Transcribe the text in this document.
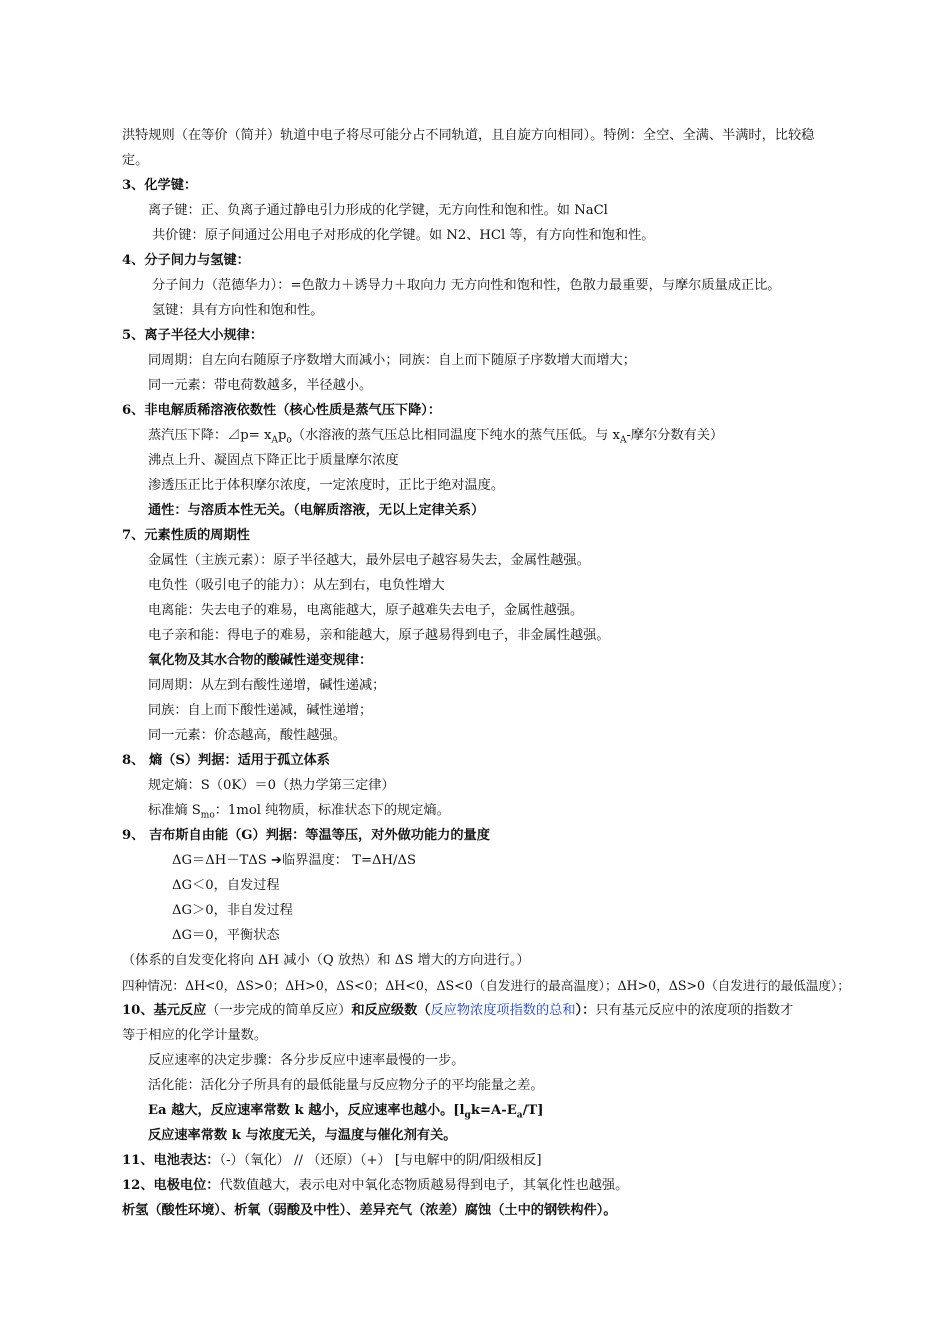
洪特规则（在等价（简并）轨道中电子将尽可能分占不同轨道，且自旋方向相同）。特例：全空、全满、半满时，比较稳
定。
3、化学键：
离子键：正、负离子通过静电引力形成的化学键，无方向性和饱和性。如 NaCl
共价键：原子间通过公用电子对形成的化学键。如 N2、HCl 等，有方向性和饱和性。
4、分子间力与氢键：
分子间力（范德华力）：=色散力＋诱导力＋取向力 无方向性和饱和性，色散力最重要，与摩尔质量成正比。
氢键：具有方向性和饱和性。
5、离子半径大小规律：
同周期：自左向右随原子序数增大而减小；同族：自上而下随原子序数增大而增大；
同一元素：带电荷数越多，半径越小。
6、非电解质稀溶液依数性（核心性质是蒸气压下降）：
蒸汽压下降：⊿p= $x_Ap_o$（水溶液的蒸气压总比相同温度下纯水的蒸气压低。与 $x_A-$摩尔分数有关）
沸点上升、凝固点下降正比于质量摩尔浓度
渗透压正比于体积摩尔浓度，一定浓度时，正比于绝对温度。
通性：与溶质本性无关。（电解质溶液，无以上定律关系）
7、元素性质的周期性
金属性（主族元素）：原子半径越大，最外层电子越容易失去，金属性越强。
电负性（吸引电子的能力）：从左到右，电负性增大
电离能：失去电子的难易，电离能越大，原子越难失去电子，金属性越强。
电子亲和能：得电子的难易，亲和能越大，原子越易得到电子，非金属性越强。
氧化物及其水合物的酸碱性递变规律：
同周期：从左到右酸性递增，碱性递减；
同族：自上而下酸性递减，碱性递增；
同一元素：价态越高，酸性越强。
8、 熵（S）判据：适用于孤立体系
规定熵：S（0K）＝0（热力学第三定律）
标准熵 $S_{mo}$：1mol 纯物质，标准状态下的规定熵。
9、 吉布斯自由能（G）判据：等温等压，对外做功能力的量度
ΔG＝ΔH－TΔS ➔临界温度： T=ΔH/ΔS
ΔG＜0，自发过程
ΔG＞0，非自发过程
ΔG＝0，平衡状态
（体系的自发变化将向 ΔH 减小（Q 放热）和 ΔS 增大的方向进行。）
四种情况：ΔH<0，ΔS>0；ΔH>0，ΔS<0；ΔH<0，ΔS<0（自发进行的最高温度）；ΔH>0，ΔS>0（自发进行的最低温度）；
10、基元反应（一步完成的简单反应）和反应级数（反应物浓度项指数的总和）：只有基元反应中的浓度项的指数才
等于相应的化学计量数。
反应速率的决定步骤：各分步反应中速率最慢的一步。
活化能：活化分子所具有的最低能量与反应物分子的平均能量之差。
Ea 越大，反应速率常数 k 越小，反应速率也越小。$[l_gk=A-E_a/T]$
反应速率常数 k 与浓度无关，与温度与催化剂有关。
11、电池表达：（-）（氧化） // （还原）（+） [与电解中的阴/阳级相反]
12、电极电位：代数值越大，表示电对中氧化态物质越易得到电子，其氧化性也越强。
析氢（酸性环境）、析氧（弱酸及中性）、差异充气（浓差）腐蚀（土中的钢铁构件）。
